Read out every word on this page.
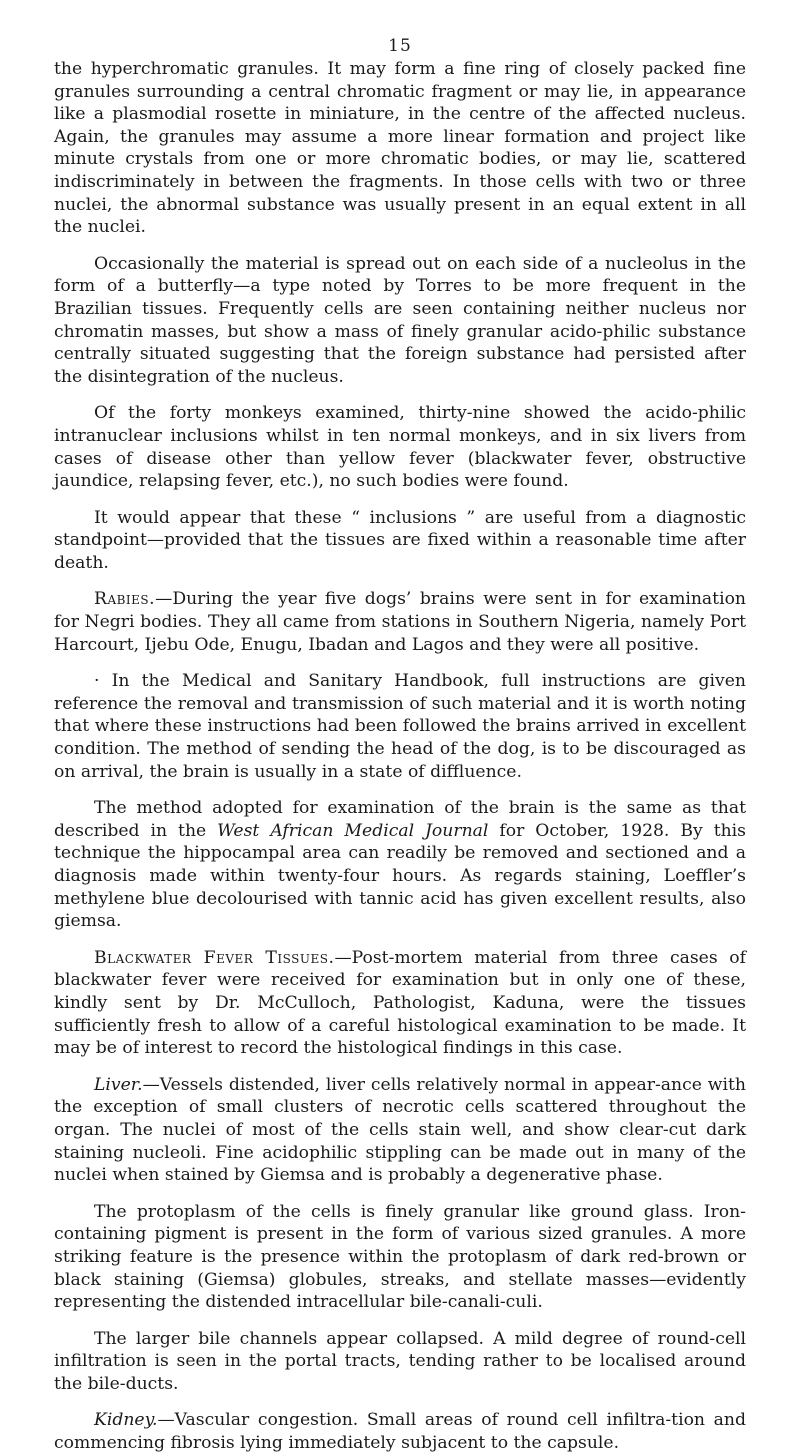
15

the hyperchromatic granules. It may form a fine ring of closely packed fine granules surrounding a central chromatic fragment or may lie, in appearance like a plasmodial rosette in miniature, in the centre of the affected nucleus. Again, the granules may assume a more linear formation and project like minute crystals from one or more chromatic bodies, or may lie, scattered indiscriminately in between the fragments. In those cells with two or three nuclei, the abnormal substance was usually present in an equal extent in all the nuclei.

Occasionally the material is spread out on each side of a nucleolus in the form of a butterfly—a type noted by Torres to be more frequent in the Brazilian tissues. Frequently cells are seen containing neither nucleus nor chromatin masses, but show a mass of finely granular acido-philic substance centrally situated suggesting that the foreign substance had persisted after the disintegration of the nucleus.

Of the forty monkeys examined, thirty-nine showed the acido-philic intranuclear inclusions whilst in ten normal monkeys, and in six livers from cases of disease other than yellow fever (blackwater fever, obstructive jaundice, relapsing fever, etc.), no such bodies were found.

It would appear that these “ inclusions ” are useful from a diagnostic standpoint—provided that the tissues are fixed within a reasonable time after death.

Rabies.—During the year five dogs’ brains were sent in for examination for Negri bodies. They all came from stations in Southern Nigeria, namely Port Harcourt, Ijebu Ode, Enugu, Ibadan and Lagos and they were all positive.

· In the Medical and Sanitary Handbook, full instructions are given reference the removal and transmission of such material and it is worth noting that where these instructions had been followed the brains arrived in excellent condition. The method of sending the head of the dog, is to be discouraged as on arrival, the brain is usually in a state of diffluence.

The method adopted for examination of the brain is the same as that described in the West African Medical Journal for October, 1928. By this technique the hippocampal area can readily be removed and sectioned and a diagnosis made within twenty-four hours. As regards staining, Loeffler’s methylene blue decolourised with tannic acid has given excellent results, also giemsa.

Blackwater Fever Tissues.—Post-mortem material from three cases of blackwater fever were received for examination but in only one of these, kindly sent by Dr. McCulloch, Pathologist, Kaduna, were the tissues sufficiently fresh to allow of a careful histological examination to be made. It may be of interest to record the histological findings in this case.

Liver.—Vessels distended, liver cells relatively normal in appear-ance with the exception of small clusters of necrotic cells scattered throughout the organ. The nuclei of most of the cells stain well, and show clear-cut dark staining nucleoli. Fine acidophilic stippling can be made out in many of the nuclei when stained by Giemsa and is probably a degenerative phase.

The protoplasm of the cells is finely granular like ground glass. Iron-containing pigment is present in the form of various sized granules. A more striking feature is the presence within the protoplasm of dark red-brown or black staining (Giemsa) globules, streaks, and stellate masses—evidently representing the distended intracellular bile-canali-culi.

The larger bile channels appear collapsed. A mild degree of round-cell infiltration is seen in the portal tracts, tending rather to be localised around the bile-ducts.

Kidney.—Vascular congestion. Small areas of round cell infiltra-tion and commencing fibrosis lying immediately subjacent to the capsule.
